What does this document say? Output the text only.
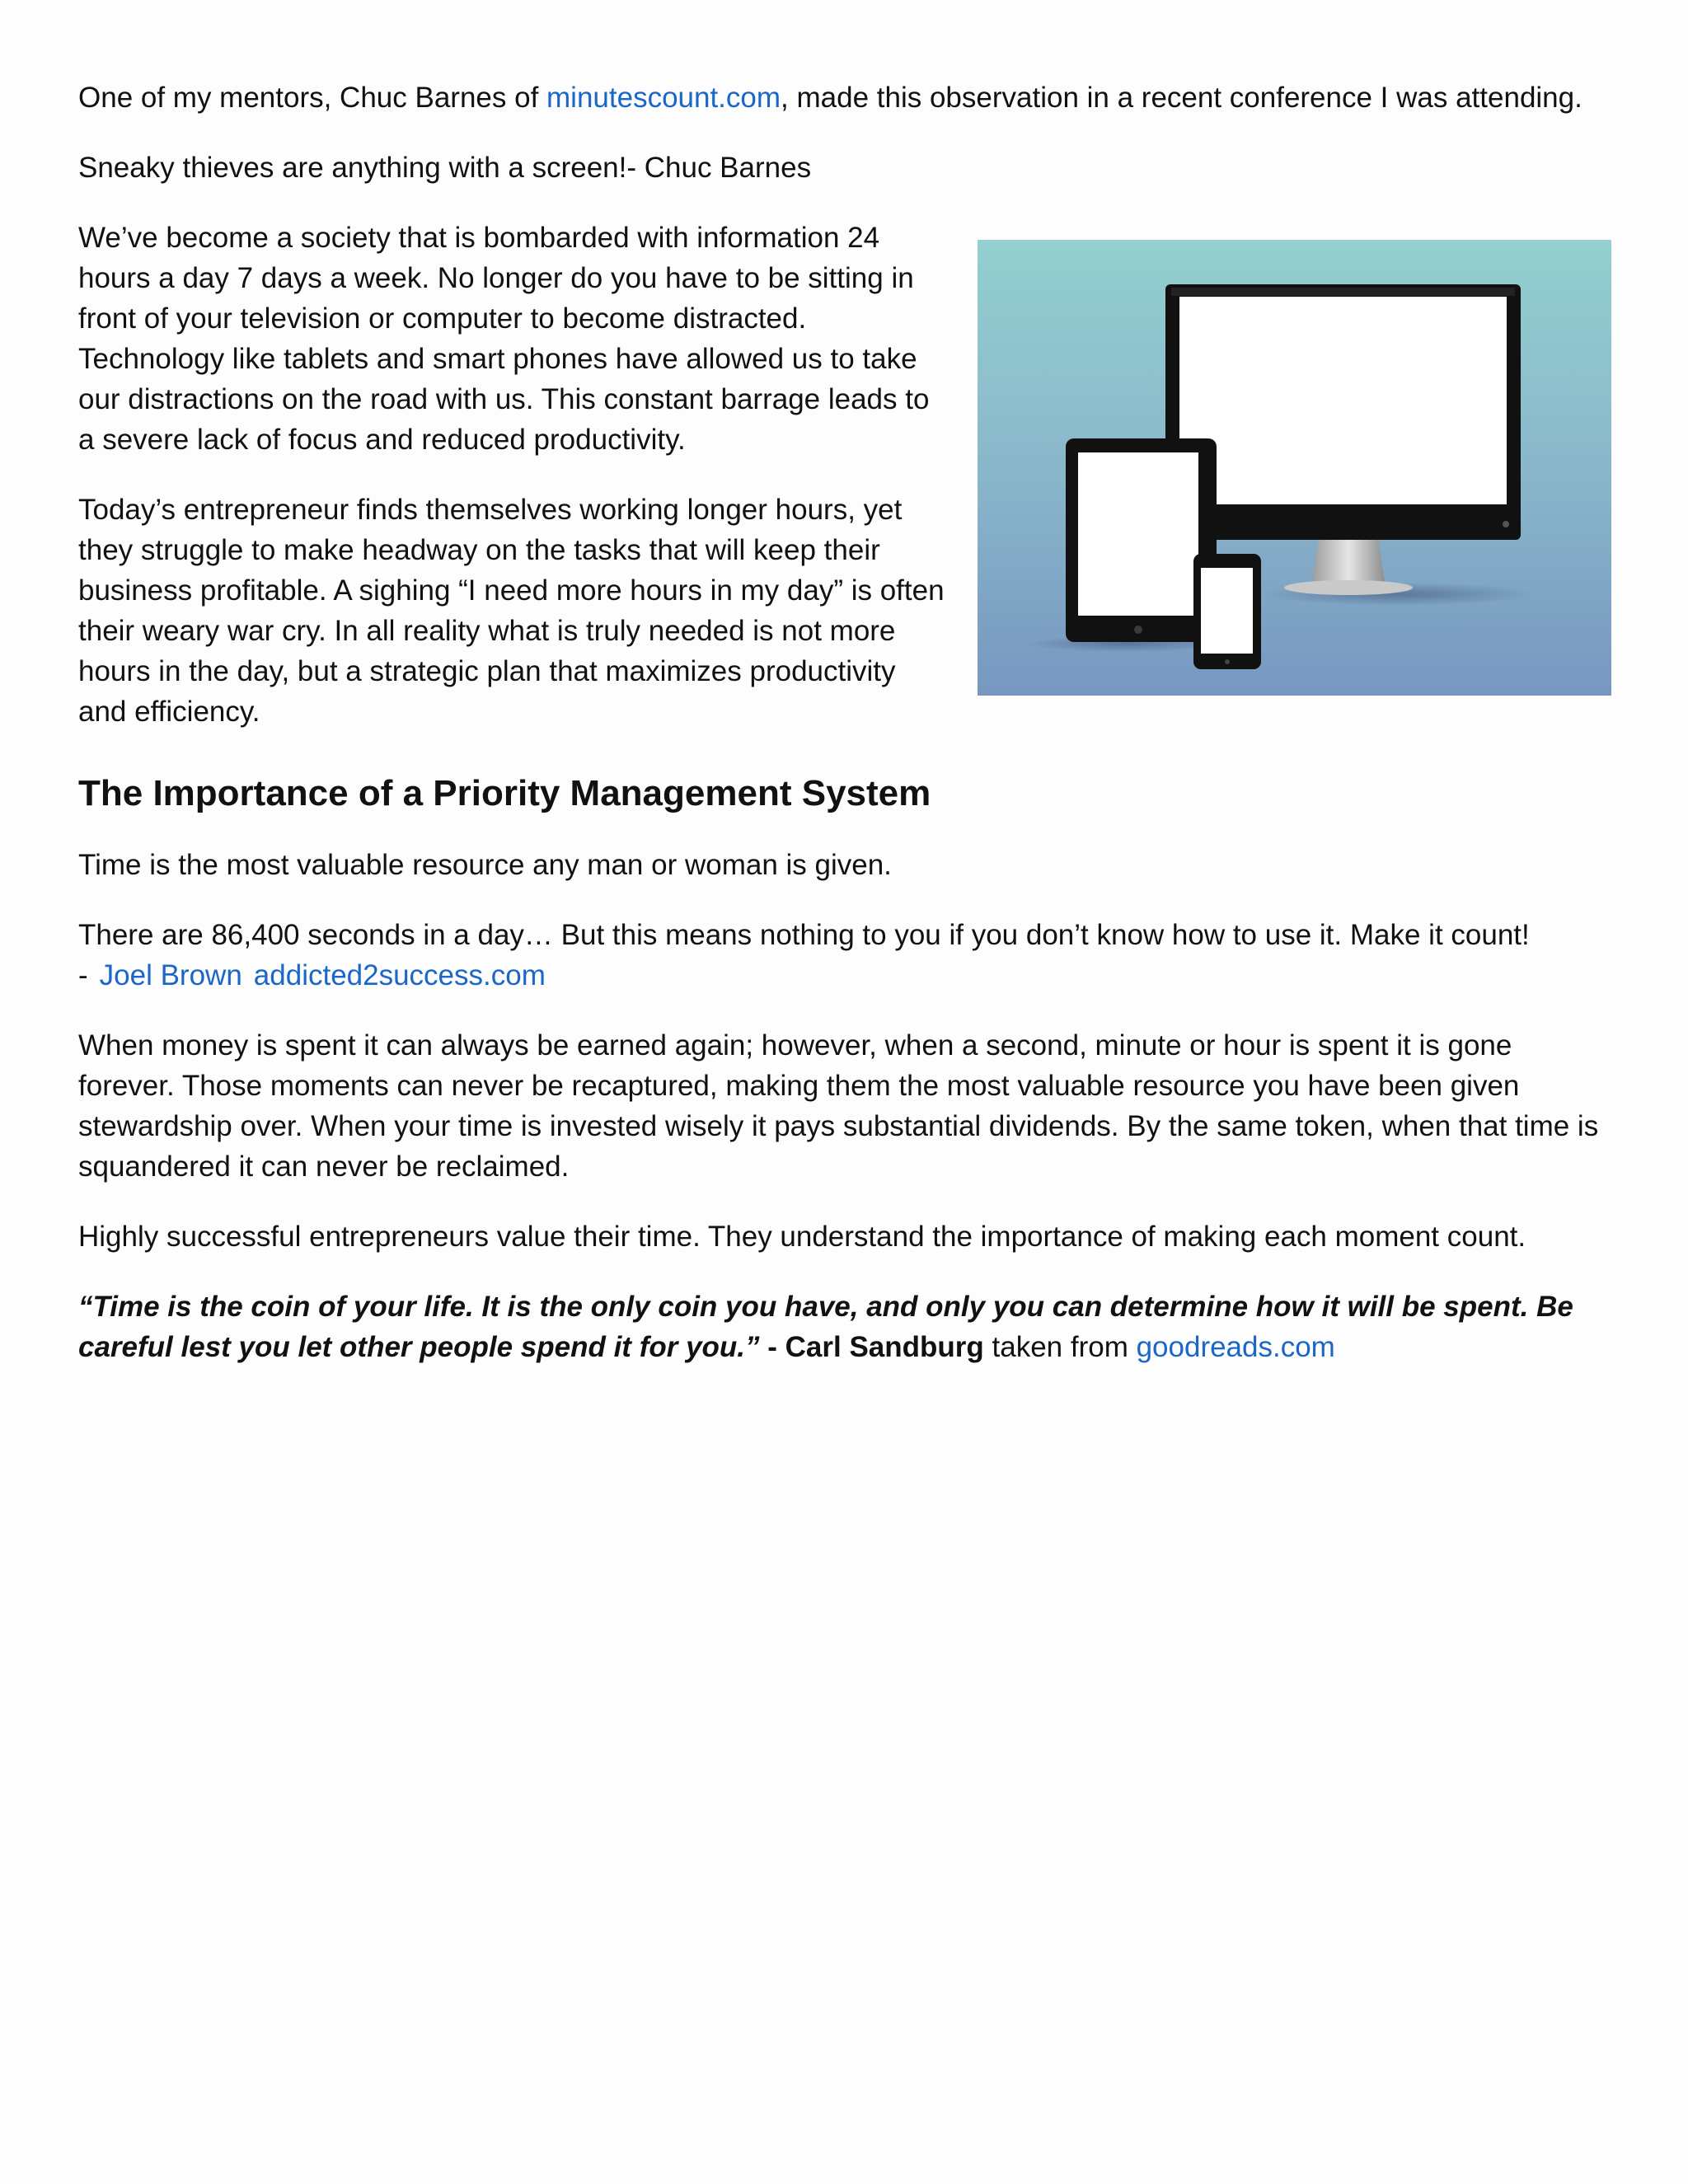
One of my mentors, Chuc Barnes of minutescount.com, made this observation in a recent conference I was attending.

Sneaky thieves are anything with a screen!- Chuc Barnes

We’ve become a society that is bombarded with information 24 hours a day 7 days a week. No longer do you have to be sitting in front of your television or computer to become distracted. Technology like tablets and smart phones have allowed us to take our distractions on the road with us. This constant barrage leads to a severe lack of focus and reduced productivity.

Today’s entrepreneur finds themselves working longer hours, yet they struggle to make headway on the tasks that will keep their business profitable. A sighing “I need more hours in my day” is often their weary war cry. In all reality what is truly needed is not more hours in the day, but a strategic plan that maximizes productivity and efficiency.

The Importance of a Priority Management System

Time is the most valuable resource any man or woman is given.

There are 86,400 seconds in a day… But this means nothing to you if you don’t know how to use it. Make it count!
- Joel Brown addicted2success.com

When money is spent it can always be earned again; however, when a second, minute or hour is spent it is gone forever. Those moments can never be recaptured, making them the most valuable resource you have been given stewardship over. When your time is invested wisely it pays substantial dividends. By the same token, when that time is squandered it can never be reclaimed.

Highly successful entrepreneurs value their time. They understand the importance of making each moment count.

“Time is the coin of your life. It is the only coin you have, and only you can determine how it will be spent. Be careful lest you let other people spend it for you.” - Carl Sandburg taken from goodreads.com
